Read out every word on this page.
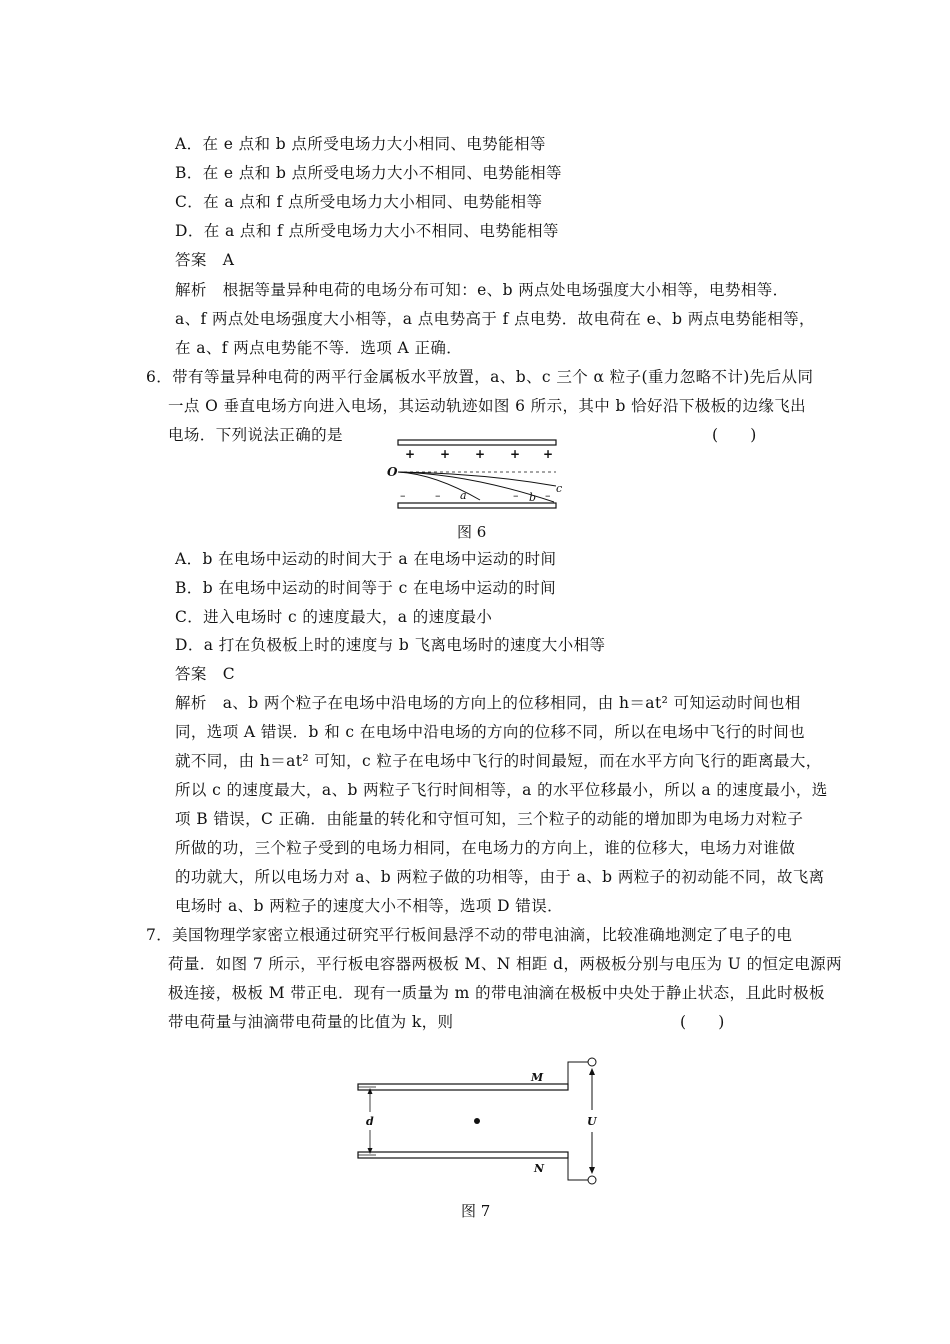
A．在 e 点和 b 点所受电场力大小相同、电势能相等
B．在 e 点和 b 点所受电场力大小不相同、电势能相等
C．在 a 点和 f 点所受电场力大小相同、电势能相等
D．在 a 点和 f 点所受电场力大小不相同、电势能相等
答案　A
解析　根据等量异种电荷的电场分布可知：e、b 两点处电场强度大小相等，电势相等．
a、f 两点处电场强度大小相等，a 点电势高于 f 点电势．故电荷在 e、b 两点电势能相等，
在 a、f 两点电势能不等．选项 A 正确．
6．带有等量异种电荷的两平行金属板水平放置，a、b、c 三个 α 粒子(重力忽略不计)先后从同
一点 O 垂直电场方向进入电场，其运动轨迹如图 6 所示，其中 b 恰好沿下极板的边缘飞出
电场．下列说法正确的是	(　　)
+ + + + +
O
a	b
c
–	–	– –
图 6
A．b 在电场中运动的时间大于 a 在电场中运动的时间
B．b 在电场中运动的时间等于 c 在电场中运动的时间
C．进入电场时 c 的速度最大，a 的速度最小
D．a 打在负极板上时的速度与 b 飞离电场时的速度大小相等
答案　C
解析　a、b 两个粒子在电场中沿电场的方向上的位移相同，由 h＝at² 可知运动时间也相
同，选项 A 错误．b 和 c 在电场中沿电场的方向的位移不同，所以在电场中飞行的时间也
就不同，由 h＝at² 可知，c 粒子在电场中飞行的时间最短，而在水平方向飞行的距离最大，
所以 c 的速度最大，a、b 两粒子飞行时间相等，a 的水平位移最小，所以 a 的速度最小，选
项 B 错误，C 正确．由能量的转化和守恒可知，三个粒子的动能的增加即为电场力对粒子
所做的功，三个粒子受到的电场力相同，在电场力的方向上，谁的位移大，电场力对谁做
的功就大，所以电场力对 a、b 两粒子做的功相等，由于 a、b 两粒子的初动能不同，故飞离
电场时 a、b 两粒子的速度大小不相等，选项 D 错误．
7．美国物理学家密立根通过研究平行板间悬浮不动的带电油滴，比较准确地测定了电子的电
荷量．如图 7 所示，平行板电容器两极板 M、N 相距 d，两极板分别与电压为 U 的恒定电源两
极连接，极板 M 带正电．现有一质量为 m 的带电油滴在极板中央处于静止状态，且此时极板
带电荷量与油滴带电荷量的比值为 k，则	(　　)
M
N
d	U
图 7
